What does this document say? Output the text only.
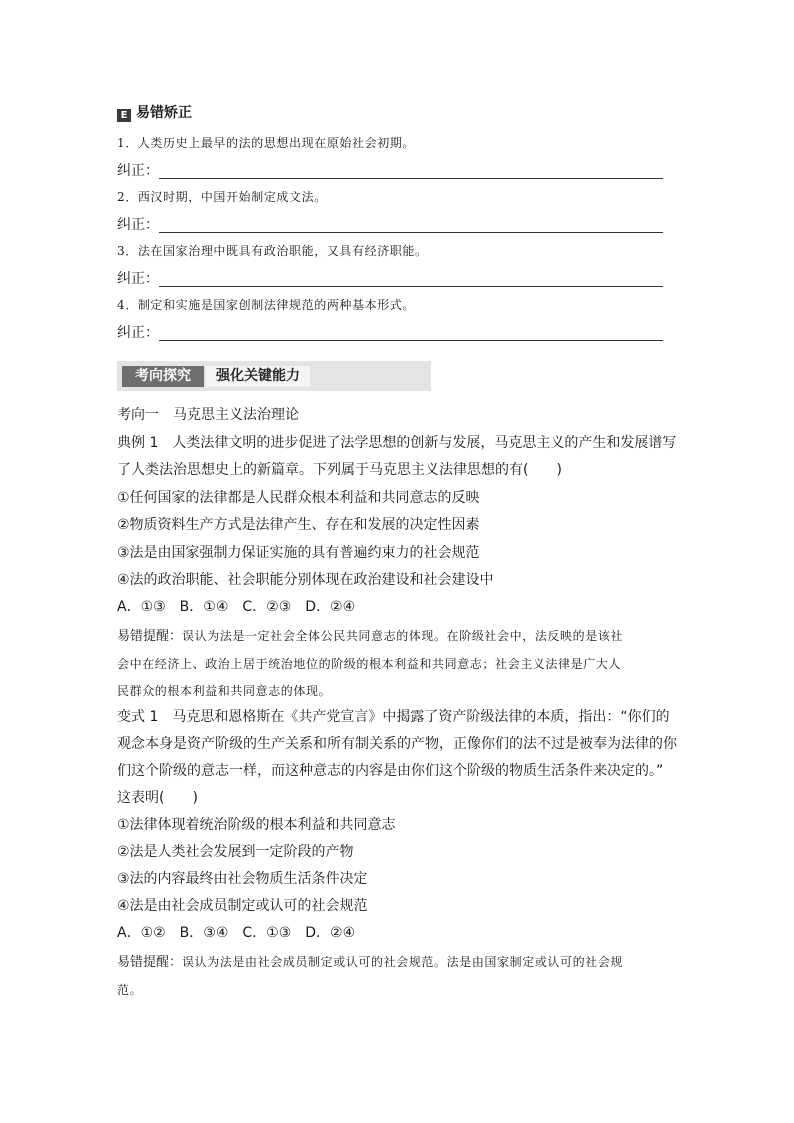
E 易错矫正
1．人类历史上最早的法的思想出现在原始社会初期。
纠正：
2．西汉时期，中国开始制定成文法。
纠正：
3．法在国家治理中既具有政治职能，又具有经济职能。
纠正：
4．制定和实施是国家创制法律规范的两种基本形式。
纠正：
考向探究	强化关键能力
考向一　马克思主义法治理论
典例 1　人类法律文明的进步促进了法学思想的创新与发展，马克思主义的产生和发展谱写
了人类法治思想史上的新篇章。下列属于马克思主义法律思想的有(　　)
①任何国家的法律都是人民群众根本利益和共同意志的反映
②物质资料生产方式是法律产生、存在和发展的决定性因素
③法是由国家强制力保证实施的具有普遍约束力的社会规范
④法的政治职能、社会职能分别体现在政治建设和社会建设中
A．①③　B．①④　C．②③　D．②④
易错提醒：误认为法是一定社会全体公民共同意志的体现。在阶级社会中，法反映的是该社
会中在经济上、政治上居于统治地位的阶级的根本利益和共同意志；社会主义法律是广大人
民群众的根本利益和共同意志的体现。
变式 1　马克思和恩格斯在《共产党宣言》中揭露了资产阶级法律的本质，指出：“你们的
观念本身是资产阶级的生产关系和所有制关系的产物，正像你们的法不过是被奉为法律的你
们这个阶级的意志一样，而这种意志的内容是由你们这个阶级的物质生活条件来决定的。”
这表明(　　)
①法律体现着统治阶级的根本利益和共同意志
②法是人类社会发展到一定阶段的产物
③法的内容最终由社会物质生活条件决定
④法是由社会成员制定或认可的社会规范
A．①②　B．③④　C．①③　D．②④
易错提醒：误认为法是由社会成员制定或认可的社会规范。法是由国家制定或认可的社会规
范。
